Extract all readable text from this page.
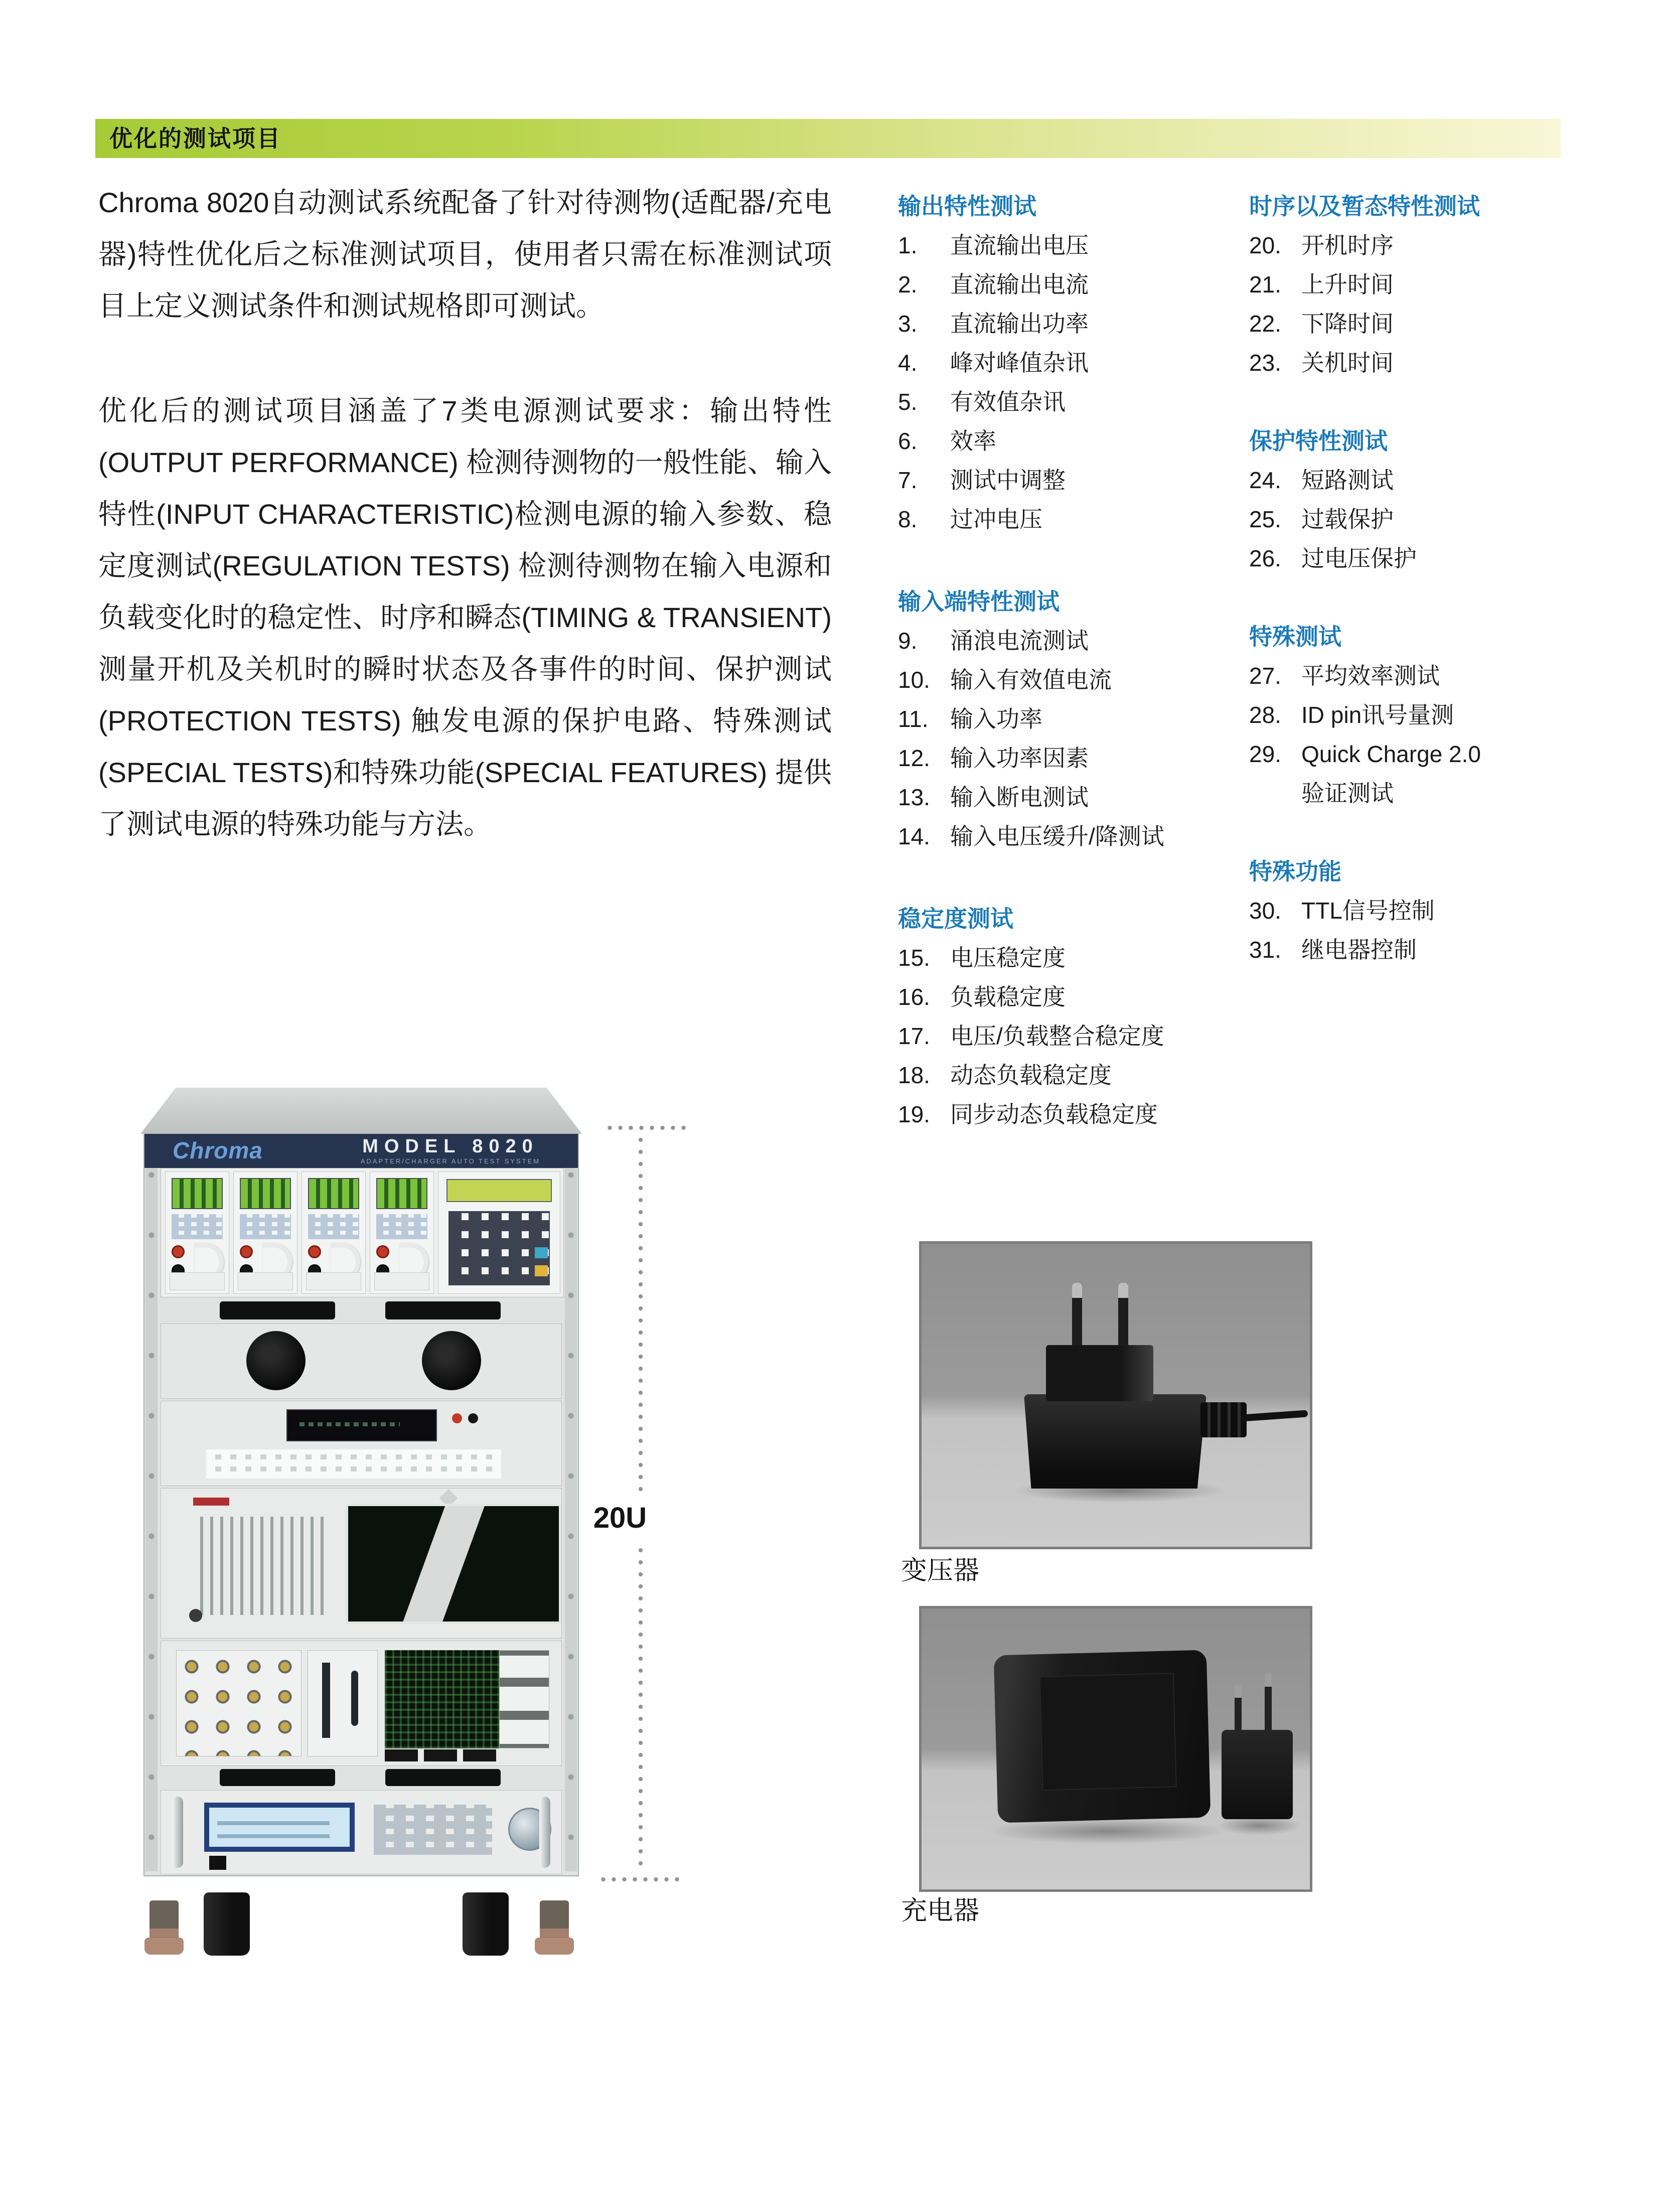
优化的测试项目

Chroma 8020自动测试系统配备了针对待测物(适配器/充电器)特性优化后之标准测试项目，使用者只需在标准测试项目上定义测试条件和测试规格即可测试。

优化后的测试项目涵盖了7类电源测试要求：输出特性(OUTPUT PERFORMANCE) 检测待测物的一般性能、输入特性(INPUT CHARACTERISTIC)检测电源的输入参数、稳定度测试(REGULATION TESTS) 检测待测物在输入电源和负载变化时的稳定性、时序和瞬态(TIMING & TRANSIENT)测量开机及关机时的瞬时状态及各事件的时间、保护测试(PROTECTION TESTS) 触发电源的保护电路、特殊测试(SPECIAL TESTS)和特殊功能(SPECIAL FEATURES) 提供了测试电源的特殊功能与方法。

输出特性测试
1.	直流输出电压
2.	直流输出电流
3.	直流输出功率
4.	峰对峰值杂讯
5.	有效值杂讯
6.	效率
7.	测试中调整
8.	过冲电压
输入端特性测试
9.	涌浪电流测试
10. 输入有效值电流
11. 输入功率
12. 输入功率因素
13. 输入断电测试
14. 输入电压缓升/降测试
稳定度测试
15. 电压稳定度
16. 负载稳定度
17. 电压/负载整合稳定度
18. 动态负载稳定度
19. 同步动态负载稳定度
时序以及暂态特性测试
20. 开机时序
21. 上升时间
22. 下降时间
23. 关机时间
保护特性测试
24. 短路测试
25. 过载保护
26. 过电压保护
特殊测试
27. 平均效率测试
28. ID pin讯号量测
29. Quick Charge 2.0
验证测试
特殊功能
30. TTL信号控制
31. 继电器控制
Chroma	MODEL 8020
ADAPTER/CHARGER AUTO TEST SYSTEM
20U
变压器
充电器
